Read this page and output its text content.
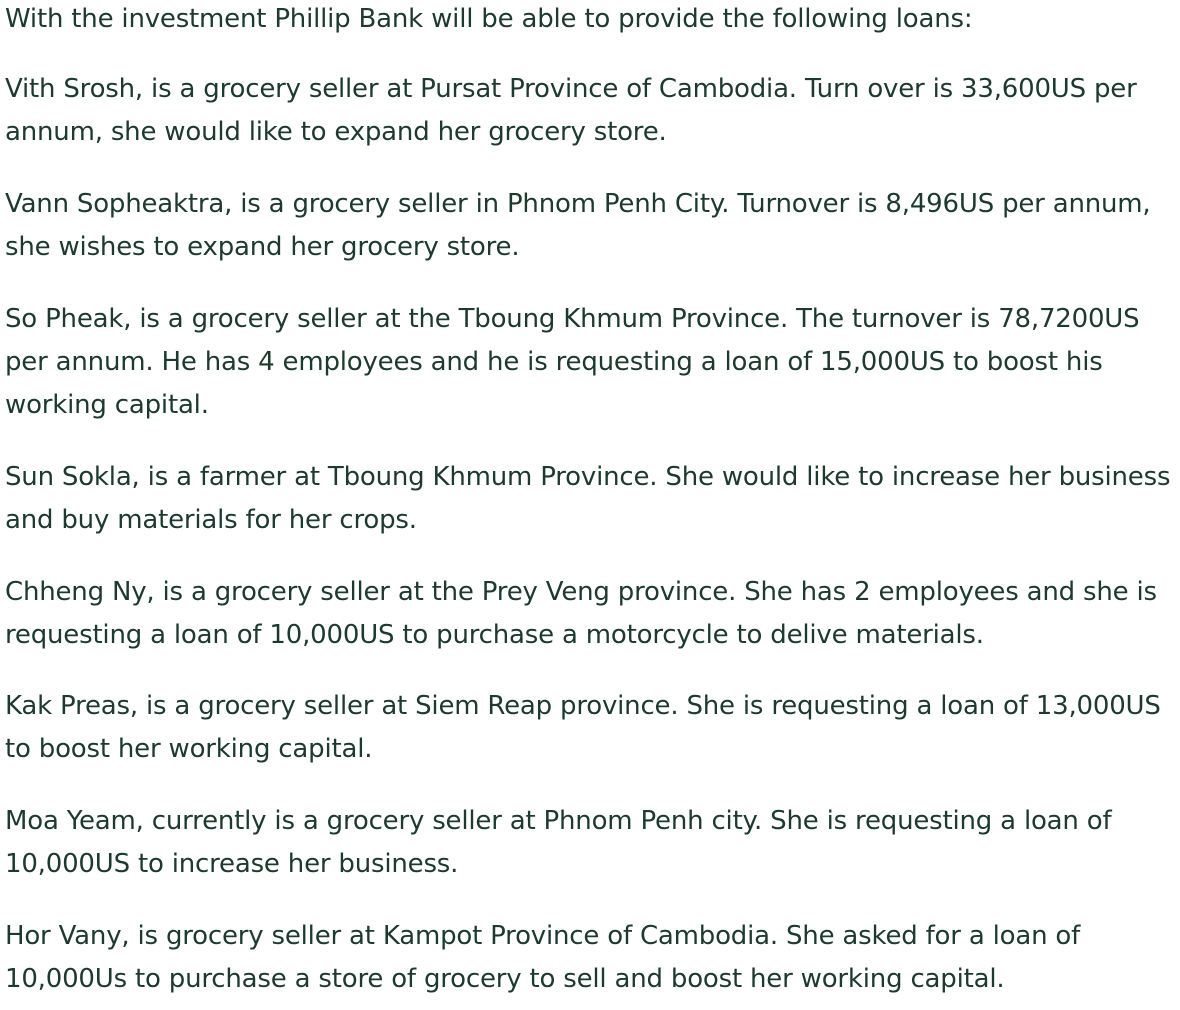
With the investment Phillip Bank will be able to provide the following loans:

Vith Srosh, is a grocery seller at Pursat Province of Cambodia. Turn over is 33,600US per annum, she would like to expand her grocery store.

Vann Sopheaktra, is a grocery seller in Phnom Penh City. Turnover is 8,496US per annum, she wishes to expand her grocery store.

So Pheak, is a grocery seller at the Tboung Khmum Province. The turnover is 78,7200US per annum. He has 4 employees and he is requesting a loan of 15,000US to boost his working capital.

Sun Sokla, is a farmer at Tboung Khmum Province. She would like to increase her business and buy materials for her crops.

Chheng Ny, is a grocery seller at the Prey Veng province. She has 2 employees and she is requesting a loan of 10,000US to purchase a motorcycle to delive materials.

Kak Preas, is a grocery seller at Siem Reap province. She is requesting a loan of 13,000US to boost her working capital.

Moa Yeam, currently is a grocery seller at Phnom Penh city. She is requesting a loan of 10,000US to increase her business.

Hor Vany, is grocery seller at Kampot Province of Cambodia. She asked for a loan of 10,000Us to purchase a store of grocery to sell and boost her working capital.
